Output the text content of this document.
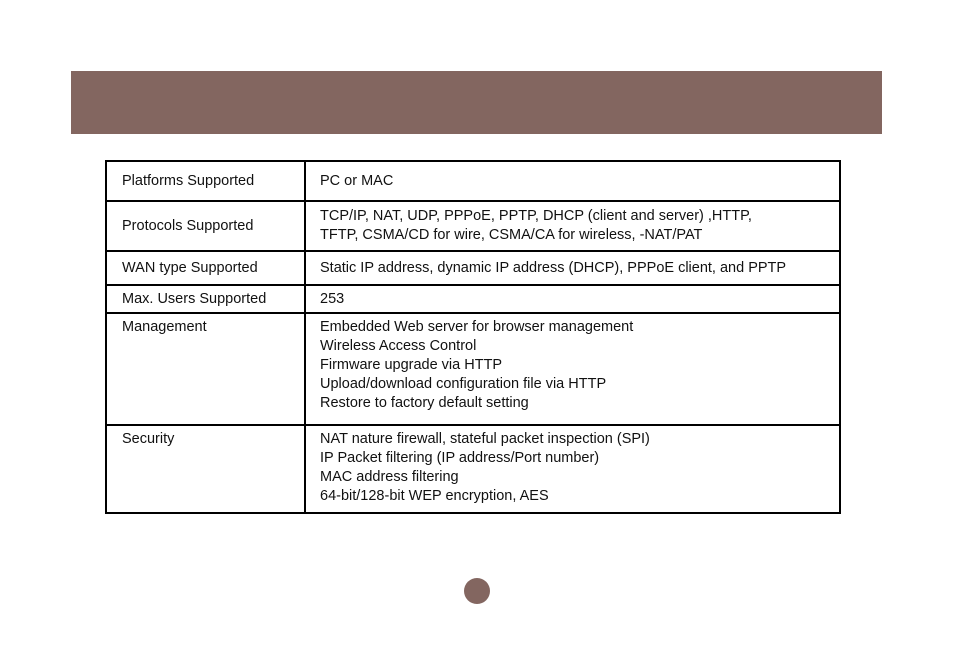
Platforms Supported	PC or MAC

Protocols Supported	TCP/IP, NAT, UDP, PPPoE, PPTP, DHCP (client and server) ,HTTP,
TFTP, CSMA/CD for wire, CSMA/CA for wireless, -NAT/PAT

WAN type Supported	Static IP address, dynamic IP address (DHCP), PPPoE client, and PPTP

Max. Users Supported	253

Management	Embedded Web server for browser management
Wireless Access Control
Firmware upgrade via HTTP
Upload/download configuration file via HTTP
Restore to factory default setting

Security	NAT nature firewall, stateful packet inspection (SPI)
IP Packet filtering (IP address/Port number)
MAC address filtering
64-bit/128-bit WEP encryption, AES
